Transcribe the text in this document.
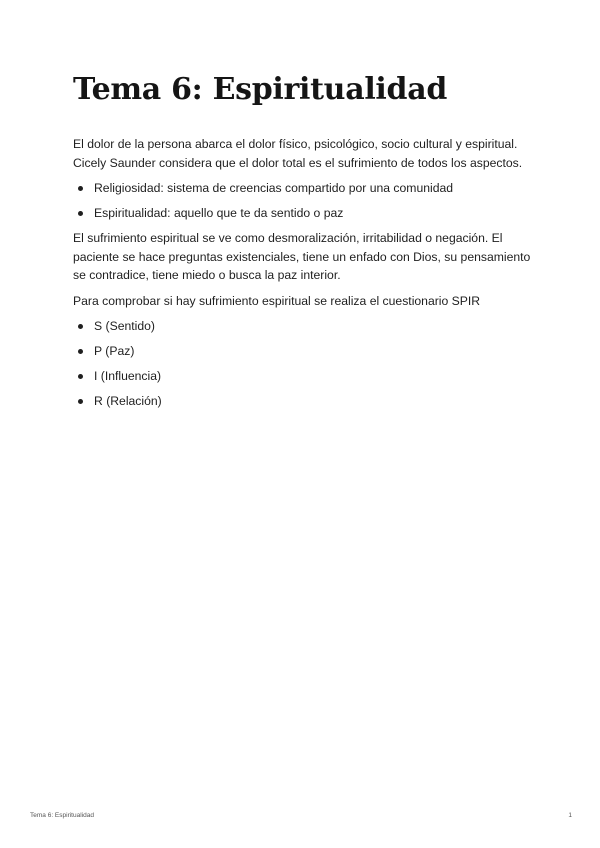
Tema 6: Espiritualidad

El dolor de la persona abarca el dolor físico, psicológico, socio cultural y espiritual. Cicely Saunder considera que el dolor total es el sufrimiento de todos los aspectos.

Religiosidad: sistema de creencias compartido por una comunidad
Espiritualidad: aquello que te da sentido o paz

El sufrimiento espiritual se ve como desmoralización, irritabilidad o negación. El paciente se hace preguntas existenciales, tiene un enfado con Dios, su pensamiento se contradice, tiene miedo o busca la paz interior.

Para comprobar si hay sufrimiento espiritual se realiza el cuestionario SPIR

S (Sentido)
P (Paz)
I (Influencia)
R (Relación)
Tema 6: Espiritualidad	1
